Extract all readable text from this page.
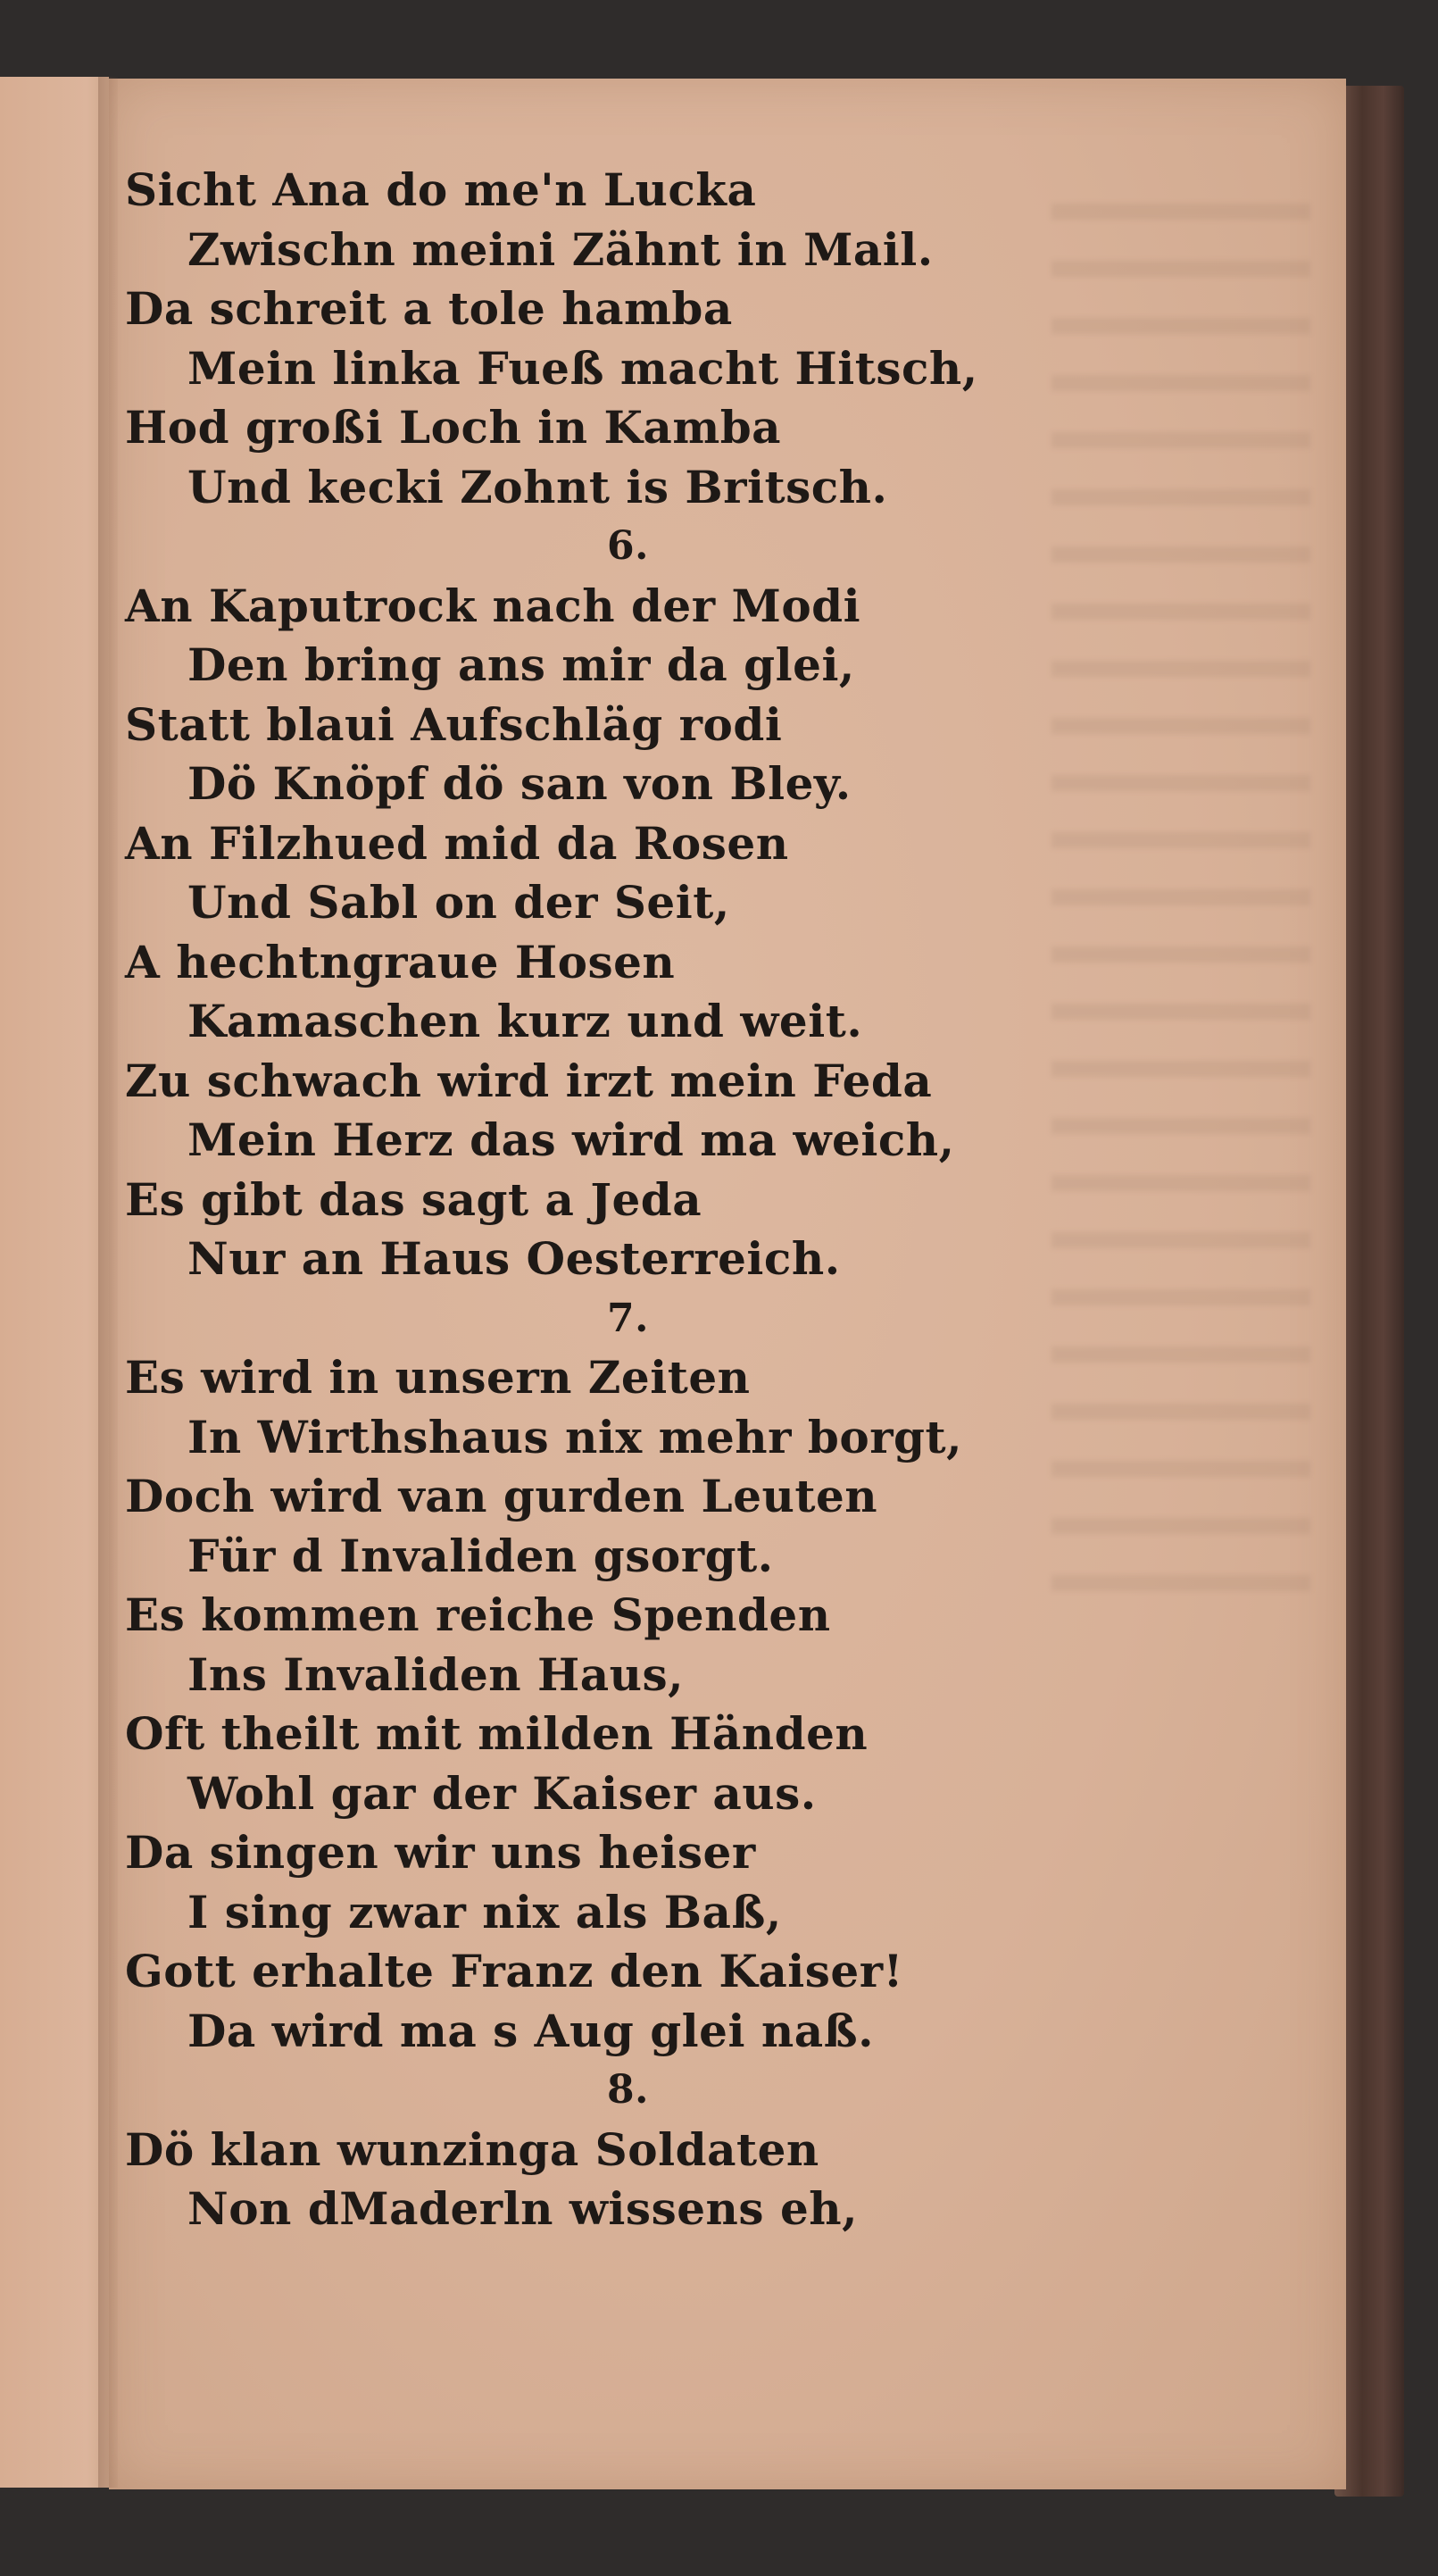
Sicht Ana do me'n Lucka
Zwischn meini Zähnt in Mail.
Da schreit a tole hamba
Mein linka Fueß macht Hitsch,
Hod großi Loch in Kamba
Und kecki Zohnt is Britsch.
6.
An Kaputrock nach der Modi
Den bring ans mir da glei,
Statt blaui Aufschläg rodi
Dö Knöpf dö san von Bley.
An Filzhued mid da Rosen
Und Sabl on der Seit,
A hechtngraue Hosen
Kamaschen kurz und weit.
Zu schwach wird irzt mein Feda
Mein Herz das wird ma weich,
Es gibt das sagt a Jeda
Nur an Haus Oesterreich.
7.
Es wird in unsern Zeiten
In Wirthshaus nix mehr borgt,
Doch wird van gurden Leuten
Für d Invaliden gsorgt.
Es kommen reiche Spenden
Ins Invaliden Haus,
Oft theilt mit milden Händen
Wohl gar der Kaiser aus.
Da singen wir uns heiser
I sing zwar nix als Baß,
Gott erhalte Franz den Kaiser!
Da wird ma s Aug glei naß.
8.
Dö klan wunzinga Soldaten
Non dMaderln wissens eh,
